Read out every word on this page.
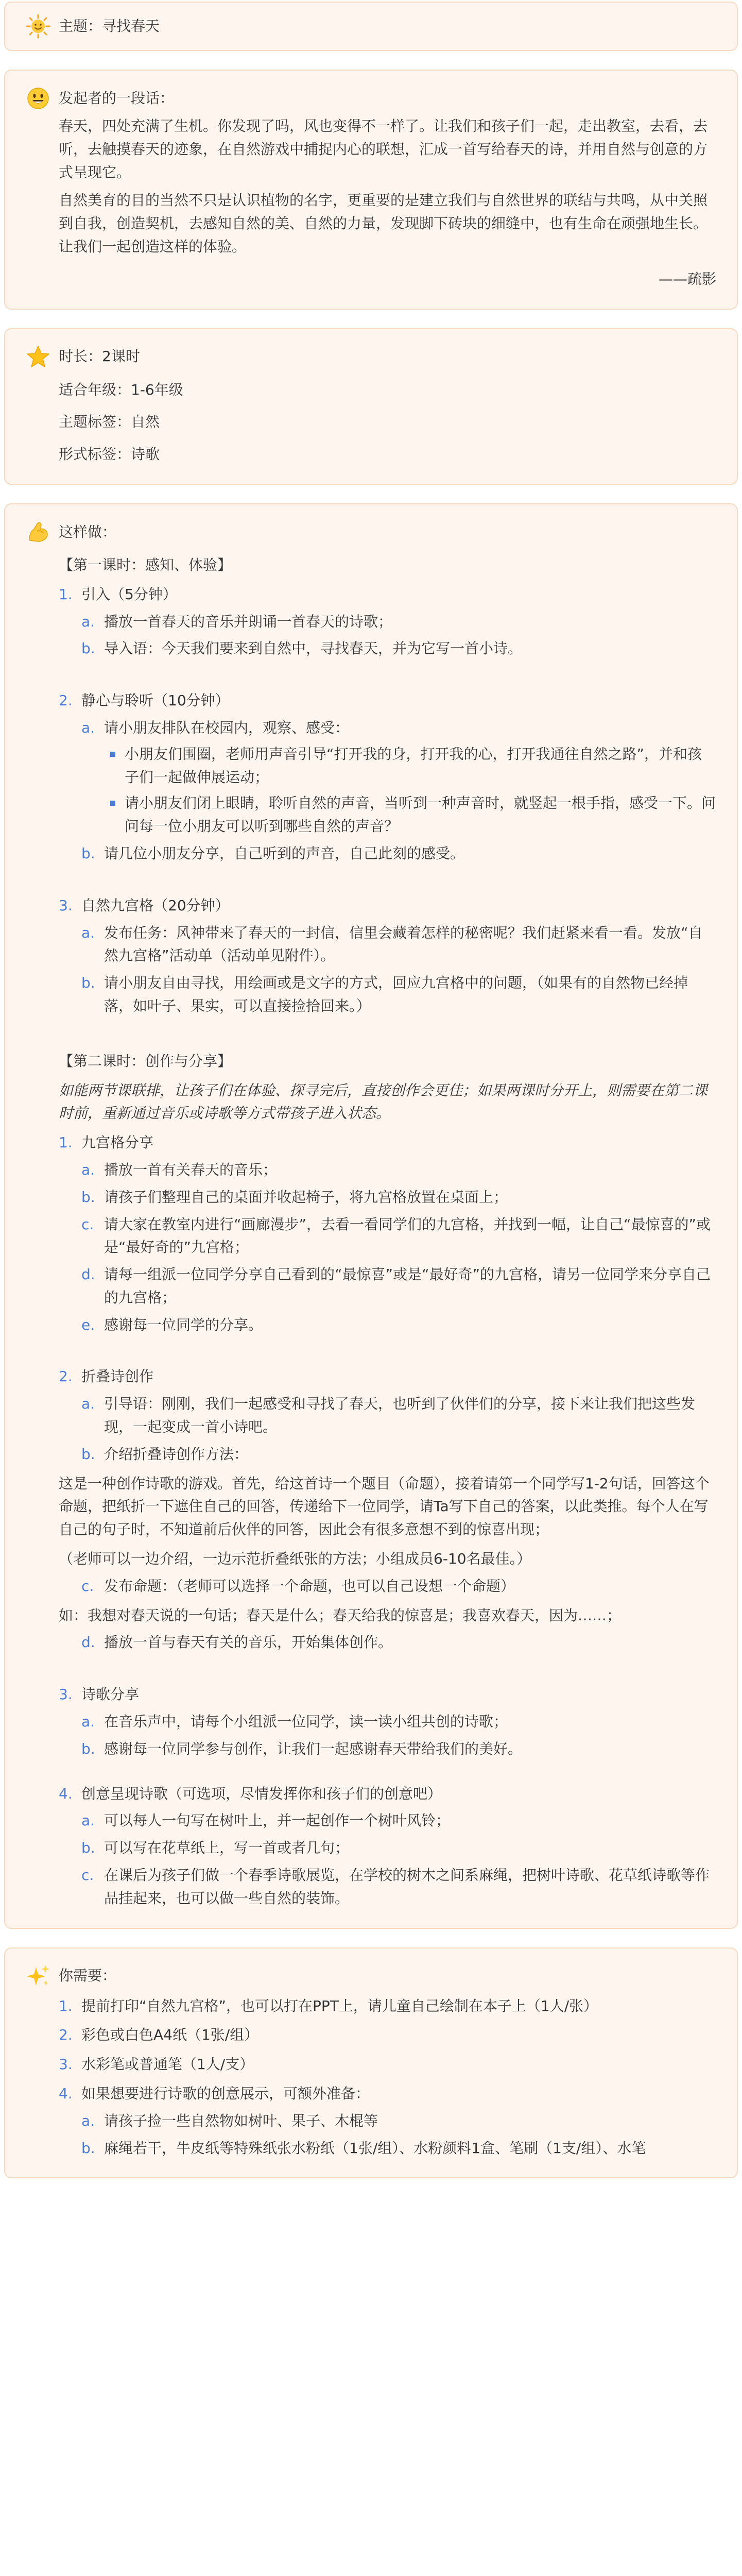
主题：寻找春天
发起者的一段话：

春天，四处充满了生机。你发现了吗，风也变得不一样了。让我们和孩子们一起，走出教室，去看，去听，去触摸春天的迹象，在自然游戏中捕捉内心的联想，汇成一首写给春天的诗，并用自然与创意的方式呈现它。

自然美育的目的当然不只是认识植物的名字，更重要的是建立我们与自然世界的联结与共鸣，从中关照到自我，创造契机，去感知自然的美、自然的力量，发现脚下砖块的细缝中，也有生命在顽强地生长。让我们一起创造这样的体验。

——疏影
时长：2课时
适合年级：1-6年级
主题标签：自然
形式标签：诗歌
这样做：
【第一课时：感知、体验】
1. 引入（5分钟）
a. 播放一首春天的音乐并朗诵一首春天的诗歌；
b. 导入语：今天我们要来到自然中，寻找春天，并为它写一首小诗。
2. 静心与聆听（10分钟）
a. 请小朋友排队在校园内，观察、感受：
小朋友们围圈，老师用声音引导“打开我的身，打开我的心，打开我通往自然之路”，并和孩子们一起做伸展运动；
请小朋友们闭上眼睛，聆听自然的声音，当听到一种声音时，就竖起一根手指，感受一下。问问每一位小朋友可以听到哪些自然的声音？
b. 请几位小朋友分享，自己听到的声音，自己此刻的感受。
3. 自然九宫格（20分钟）
a. 发布任务：风神带来了春天的一封信，信里会藏着怎样的秘密呢？我们赶紧来看一看。发放“自然九宫格”活动单（活动单见附件）。
b. 请小朋友自由寻找，用绘画或是文字的方式，回应九宫格中的问题，（如果有的自然物已经掉落，如叶子、果实，可以直接捡拾回来。）
【第二课时：创作与分享】
如能两节课联排，让孩子们在体验、探寻完后，直接创作会更佳；如果两课时分开上，则需要在第二课时前，重新通过音乐或诗歌等方式带孩子进入状态。
1. 九宫格分享
a. 播放一首有关春天的音乐；
b. 请孩子们整理自己的桌面并收起椅子，将九宫格放置在桌面上；
c. 请大家在教室内进行“画廊漫步”，去看一看同学们的九宫格，并找到一幅，让自己“最惊喜的”或是“最好奇的”九宫格；
d. 请每一组派一位同学分享自己看到的“最惊喜”或是“最好奇”的九宫格，请另一位同学来分享自己的九宫格；
e. 感谢每一位同学的分享。
2. 折叠诗创作
a. 引导语：刚刚，我们一起感受和寻找了春天，也听到了伙伴们的分享，接下来让我们把这些发现，一起变成一首小诗吧。
b. 介绍折叠诗创作方法：
这是一种创作诗歌的游戏。首先，给这首诗一个题目（命题），接着请第一个同学写1-2句话，回答这个命题，把纸折一下遮住自己的回答，传递给下一位同学，请Ta写下自己的答案，以此类推。每个人在写自己的句子时，不知道前后伙伴的回答，因此会有很多意想不到的惊喜出现；
（老师可以一边介绍，一边示范折叠纸张的方法；小组成员6-10名最佳。）
c. 发布命题：（老师可以选择一个命题，也可以自己设想一个命题）
如：我想对春天说的一句话；春天是什么；春天给我的惊喜是；我喜欢春天，因为……；
d. 播放一首与春天有关的音乐，开始集体创作。
3. 诗歌分享
a. 在音乐声中，请每个小组派一位同学，读一读小组共创的诗歌；
b. 感谢每一位同学参与创作，让我们一起感谢春天带给我们的美好。
4. 创意呈现诗歌（可选项，尽情发挥你和孩子们的创意吧）
a. 可以每人一句写在树叶上，并一起创作一个树叶风铃；
b. 可以写在花草纸上，写一首或者几句；
c. 在课后为孩子们做一个春季诗歌展览，在学校的树木之间系麻绳，把树叶诗歌、花草纸诗歌等作品挂起来，也可以做一些自然的装饰。
你需要：
1. 提前打印“自然九宫格”，也可以打在PPT上，请儿童自己绘制在本子上（1人/张）
2. 彩色或白色A4纸（1张/组）
3. 水彩笔或普通笔（1人/支）
4. 如果想要进行诗歌的创意展示，可额外准备：
a. 请孩子捡一些自然物如树叶、果子、木棍等
b. 麻绳若干，牛皮纸等特殊纸张水粉纸（1张/组）、水粉颜料1盒、笔刷（1支/组）、水笔
